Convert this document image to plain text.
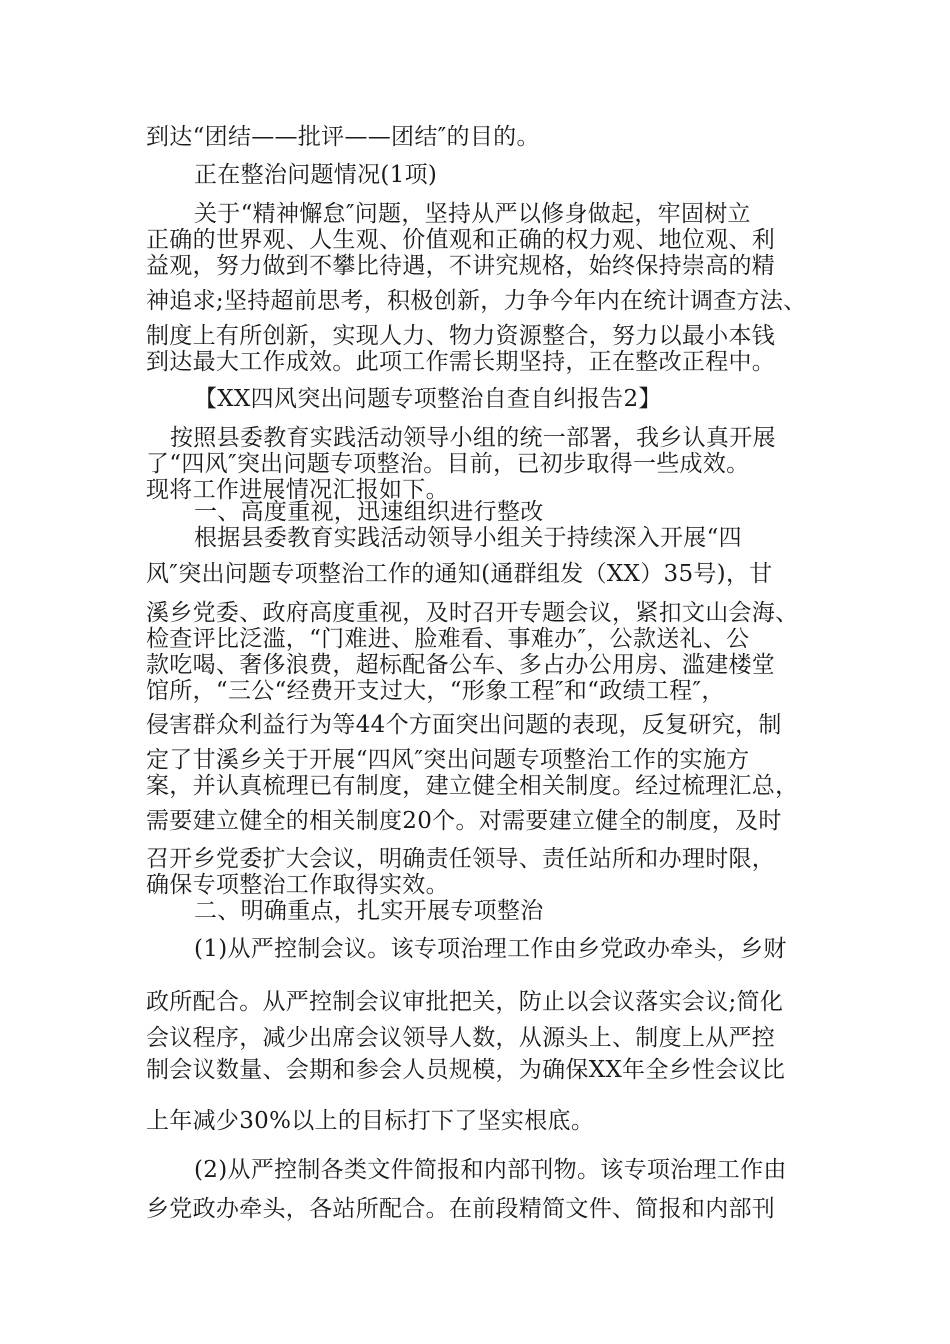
到达“团结——批评——团结″的目的。
正在整治问题情况(1项)
关于“精神懈怠″问题，坚持从严以修身做起，牢固树立
正确的世界观、人生观、价值观和正确的权力观、地位观、利
益观，努力做到不攀比待遇，不讲究规格，始终保持崇高的精
神追求;坚持超前思考，积极创新，力争今年内在统计调查方法、
制度上有所创新，实现人力、物力资源整合，努力以最小本钱
到达最大工作成效。此项工作需长期坚持，正在整改正程中。
【XX四风突出问题专项整治自查自纠报告2】
按照县委教育实践活动领导小组的统一部署，我乡认真开展
了“四风″突出问题专项整治。目前，已初步取得一些成效。
现将工作进展情况汇报如下。
一、高度重视，迅速组织进行整改
根据县委教育实践活动领导小组关于持续深入开展“四
风″突出问题专项整治工作的通知(通群组发（XX）35号)，甘
溪乡党委、政府高度重视，及时召开专题会议，紧扣文山会海、
检查评比泛滥，“门难进、脸难看、事难办″，公款送礼、公
款吃喝、奢侈浪费，超标配备公车、多占办公用房、滥建楼堂
馆所，“三公“经费开支过大，“形象工程″和“政绩工程″，
侵害群众利益行为等44个方面突出问题的表现，反复研究，制
定了甘溪乡关于开展“四风″突出问题专项整治工作的实施方
案，并认真梳理已有制度，建立健全相关制度。经过梳理汇总，
需要建立健全的相关制度20个。对需要建立健全的制度，及时
召开乡党委扩大会议，明确责任领导、责任站所和办理时限，
确保专项整治工作取得实效。
二、明确重点，扎实开展专项整治
(1)从严控制会议。该专项治理工作由乡党政办牵头，乡财
政所配合。从严控制会议审批把关，防止以会议落实会议;简化
会议程序，减少出席会议领导人数，从源头上、制度上从严控
制会议数量、会期和参会人员规模，为确保XX年全乡性会议比
上年减少30%以上的目标打下了坚实根底。
(2)从严控制各类文件简报和内部刊物。该专项治理工作由
乡党政办牵头，各站所配合。在前段精简文件、简报和内部刊
